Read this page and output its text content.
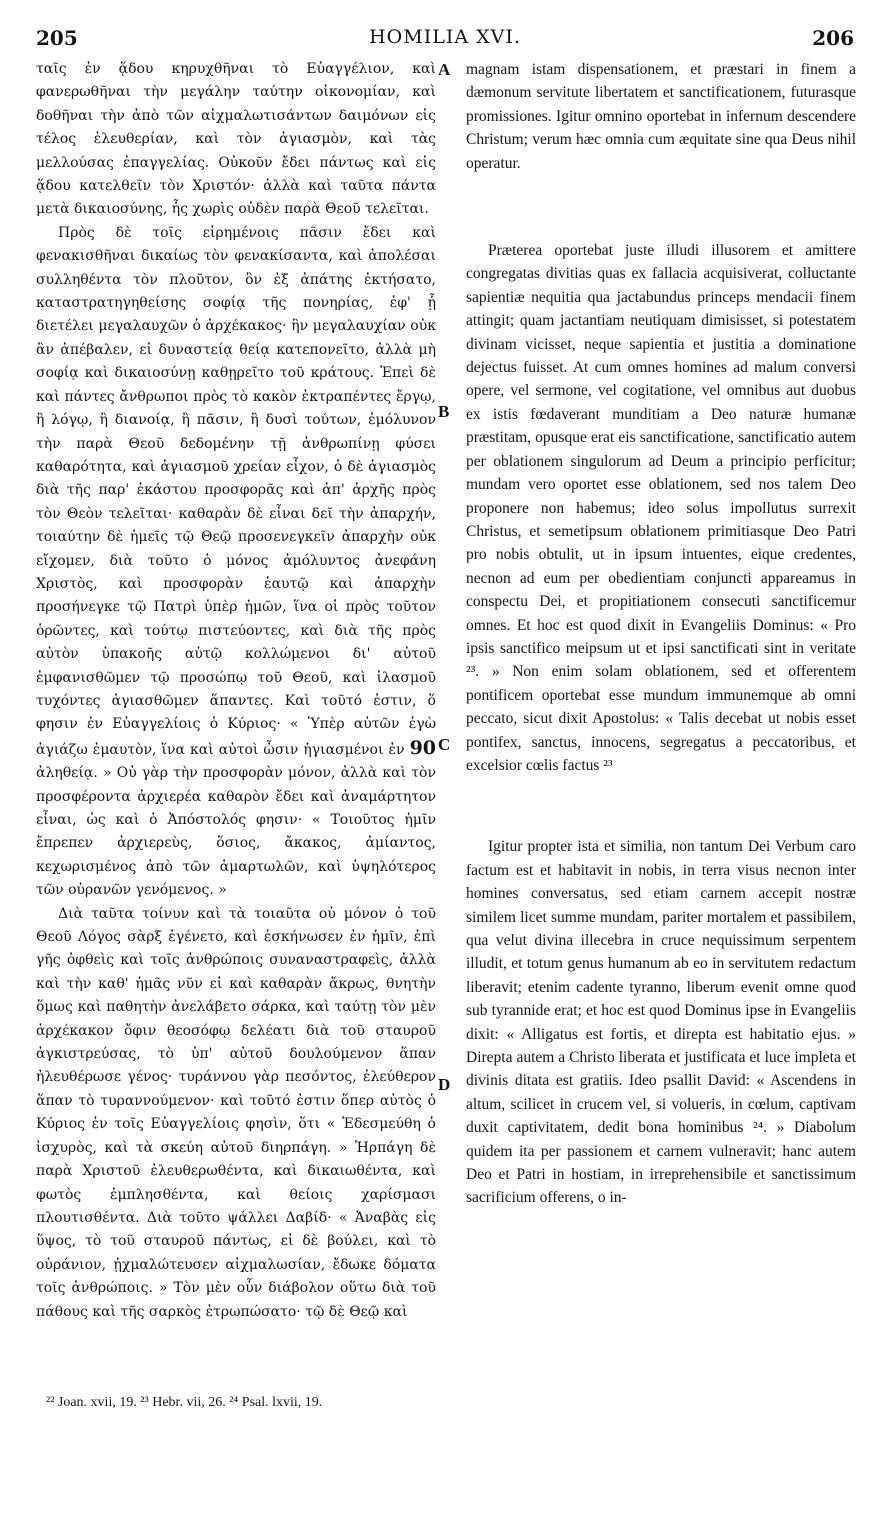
205	HOMILIA XVI.	206

ταῖς ἐν ᾅδου κηρυχθῆναι τὸ Εὐαγγέλιον, καὶ φανερωθῆναι τὴν μεγάλην ταύτην οἰκονομίαν, καὶ δοθῆναι τὴν ἀπὸ τῶν αἰχμαλωτισάντων δαιμόνων εἰς τέλος ἐλευθερίαν, καὶ τὸν ἁγιασμὸν, καὶ τὰς μελλούσας ἐπαγγελίας. Οὐκοῦν ἔδει πάντως καὶ εἰς ᾅδου κατελθεῖν τὸν Χριστόν· ἀλλὰ καὶ ταῦτα πάντα μετὰ δικαιοσύνης, ἧς χωρὶς οὐδὲν παρὰ Θεοῦ τελεῖται.

Πρὸς δὲ τοῖς εἰρημένοις πᾶσιν ἔδει καὶ φενακισθῆναι δικαίως τὸν φενακίσαντα, καὶ ἀπολέσαι συλληθέντα τὸν πλοῦτον, ὃν ἐξ ἀπάτης ἐκτήσατο, καταστρατηγηθείσης σοφίᾳ τῆς πονηρίας, ἐφ' ᾗ διετέλει μεγαλαυχῶν ὁ ἀρχέκακος· ἣν μεγαλαυχίαν οὐκ ἂν ἀπέβαλεν, εἰ δυναστείᾳ θείᾳ κατεπονεῖτο, ἀλλὰ μὴ σοφίᾳ καὶ δικαιοσύνῃ καθῃρεῖτο τοῦ κράτους. Ἐπεὶ δὲ καὶ πάντες ἄνθρωποι πρὸς τὸ κακὸν ἐκτραπέντες ἔργῳ, ἢ λόγῳ, ἢ διανοίᾳ, ἢ πᾶσιν, ἢ δυσὶ τούτων, ἐμόλυνον τὴν παρὰ Θεοῦ δεδομένην τῇ ἀνθρωπίνῃ φύσει καθαρότητα, καὶ ἁγιασμοῦ χρείαν εἶχον, ὁ δὲ ἁγιασμὸς διὰ τῆς παρ' ἑκάστου προσφορᾶς καὶ ἀπ' ἀρχῆς πρὸς τὸν Θεὸν τελεῖται· καθαρὰν δὲ εἶναι δεῖ τὴν ἀπαρχήν, τοιαύτην δὲ ἡμεῖς τῷ Θεῷ προσενεγκεῖν ἀπαρχὴν οὐκ εἴχομεν, διὰ τοῦτο ὁ μόνος ἀμόλυντος ἀνεφάνη Χριστὸς, καὶ προσφορὰν ἑαυτῷ καὶ ἀπαρχὴν προσήνεγκε τῷ Πατρὶ ὑπὲρ ἡμῶν, ἵνα οἱ πρὸς τοῦτον ὁρῶντες, καὶ τούτῳ πιστεύοντες, καὶ διὰ τῆς πρὸς αὐτὸν ὑπακοῆς αὐτῷ κολλώμενοι δι' αὐτοῦ ἐμφανισθῶμεν τῷ προσώπῳ τοῦ Θεοῦ, καὶ ἱλασμοῦ τυχόντες ἁγιασθῶμεν ἅπαντες. Καὶ τοῦτό ἐστιν, ὅ φησιν ἐν Εὐαγγελίοις ὁ Κύριος· « Ὑπὲρ αὐτῶν ἐγὼ ἁγιάζω ἐμαυτὸν, ἵνα καὶ αὐτοὶ ὦσιν ἡγιασμένοι ἐν 90 ἀληθείᾳ. » Οὐ γὰρ τὴν προσφορὰν μόνον, ἀλλὰ καὶ τὸν προσφέροντα ἀρχιερέα καθαρὸν ἔδει καὶ ἀναμάρτητον εἶναι, ὡς καὶ ὁ Ἀπόστολός φησιν· « Τοιοῦτος ἡμῖν ἔπρεπεν ἀρχιερεὺς, ὅσιος, ἄκακος, ἀμίαντος, κεχωρισμένος ἀπὸ τῶν ἁμαρτωλῶν, καὶ ὑψηλότερος τῶν οὐρανῶν γενόμενος. »

Διὰ ταῦτα τοίνυν καὶ τὰ τοιαῦτα οὐ μόνον ὁ τοῦ Θεοῦ Λόγος σὰρξ ἐγένετο, καὶ ἐσκήνωσεν ἐν ἡμῖν, ἐπὶ γῆς ὀφθεὶς καὶ τοῖς ἀνθρώποις συναναστραφεὶς, ἀλλὰ καὶ τὴν καθ' ἡμᾶς νῦν εἰ καὶ καθαρὰν ἄκρως, θνητὴν ὅμως καὶ παθητὴν ἀνελάβετο σάρκα, καὶ ταύτῃ τὸν μὲν ἀρχέκακον ὄφιν θεοσόφῳ δελέατι διὰ τοῦ σταυροῦ ἀγκιστρεύσας, τὸ ὑπ' αὐτοῦ δουλούμενον ἅπαν ἠλευθέρωσε γένος· τυράννου γὰρ πεσόντος, ἐλεύθερον ἅπαν τὸ τυραννούμενον· καὶ τοῦτό ἐστιν ὅπερ αὐτὸς ὁ Κύριος ἐν τοῖς Εὐαγγελίοις φησὶν, ὅτι « Ἐδεσμεύθη ὁ ἰσχυρὸς, καὶ τὰ σκεύη αὐτοῦ διηρπάγη. » Ἡρπάγη δὲ παρὰ Χριστοῦ ἐλευθερωθέντα, καὶ δικαιωθέντα, καὶ φωτὸς ἐμπλησθέντα, καὶ θείοις χαρίσμασι πλουτισθέντα. Διὰ τοῦτο ψάλλει Δαβίδ· « Ἀναβὰς εἰς ὕψος, τὸ τοῦ σταυροῦ πάντως, εἰ δὲ βούλει, καὶ τὸ οὐράνιον, ᾐχμαλώτευσεν αἰχμαλωσίαν, ἔδωκε δόματα τοῖς ἀνθρώποις. » Τὸν μὲν οὖν διάβολον οὕτω διὰ τοῦ πάθους καὶ τῆς σαρκὸς ἐτρωπώσατο· τῷ δὲ Θεῷ καὶ

A
B
C
D

magnam istam dispensationem, et præstari in finem a dæmonum servitute libertatem et sanctificationem, futurasque promissiones. Igitur omnino oportebat in infernum descendere Christum; verum hæc omnia cum æquitate sine qua Deus nihil operatur.

Præterea oportebat juste illudi illusorem et amittere congregatas divitias quas ex fallacia acquisiverat, colluctante sapientiæ nequitia qua jactabundus princeps mendacii finem attingit; quam jactantiam neutiquam dimisisset, si potestatem divinam vicisset, neque sapientia et justitia a dominatione dejectus fuisset. At cum omnes homines ad malum conversi opere, vel sermone, vel cogitatione, vel omnibus aut duobus ex istis fœdaverant munditiam a Deo naturæ humanæ præstitam, opusque erat eis sanctificatione, sanctificatio autem per oblationem singulorum ad Deum a principio perficitur; mundam vero oportet esse oblationem, sed nos talem Deo proponere non habemus; ideo solus impollutus surrexit Christus, et semetipsum oblationem primitiasque Deo Patri pro nobis obtulit, ut in ipsum intuentes, eique credentes, necnon ad eum per obedientiam conjuncti appareamus in conspectu Dei, et propitiationem consecuti sanctificemur omnes. Et hoc est quod dixit in Evangeliis Dominus: « Pro ipsis sanctifico meipsum ut et ipsi sanctificati sint in veritate ²³. » Non enim solam oblationem, sed et offerentem pontificem oportebat esse mundum immunemque ab omni peccato, sicut dixit Apostolus: « Talis decebat ut nobis esset pontifex, sanctus, innocens, segregatus a peccatoribus, et excelsior cœlis factus ²³

Igitur propter ista et similia, non tantum Dei Verbum caro factum est et habitavit in nobis, in terra visus necnon inter homines conversatus, sed etiam carnem accepit nostræ similem licet summe mundam, pariter mortalem et passibilem, qua velut divina illecebra in cruce nequissimum serpentem illudit, et totum genus humanum ab eo in servitutem redactum liberavit; etenim cadente tyranno, liberum evenit omne quod sub tyrannide erat; et hoc est quod Dominus ipse in Evangeliis dixit: « Alligatus est fortis, et direpta est habitatio ejus. » Direpta autem a Christo liberata et justificata et luce impleta et divinis ditata est gratiis. Ideo psallit David: « Ascendens in altum, scilicet in crucem vel, si volueris, in cœlum, captivam duxit captivitatem, dedit bona hominibus ²⁴. » Diabolum quidem ita per passionem et carnem vulneravit; hanc autem Deo et Patri in hostiam, in irreprehensibile et sanctissimum sacrificium offerens, o in-

²² Joan. xvii, 19. ²³ Hebr. vii, 26. ²⁴ Psal. lxvii, 19.
